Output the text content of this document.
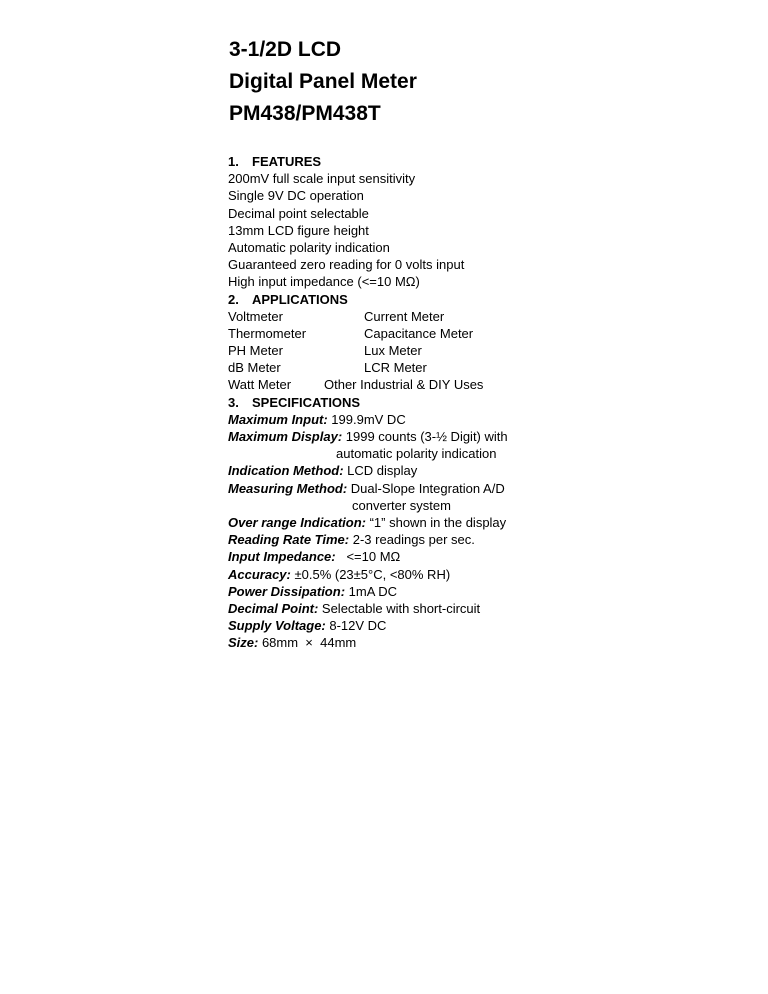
3-1/2D LCD
Digital Panel Meter
PM438/PM438T
1. FEATURES
200mV full scale input sensitivity
Single 9V DC operation
Decimal point selectable
13mm LCD figure height
Automatic polarity indication
Guaranteed zero reading for 0 volts input
High input impedance (<=10 MΩ)
2. APPLICATIONS
Voltmeter	Current Meter
Thermometer	Capacitance Meter
PH Meter	Lux Meter
dB Meter	LCR Meter
Watt Meter	Other Industrial & DIY Uses
3. SPECIFICATIONS
Maximum Input: 199.9mV DC
Maximum Display: 1999 counts (3-½ Digit) with
automatic polarity indication
Indication Method: LCD display
Measuring Method: Dual-Slope Integration A/D
converter system
Over range Indication: “1” shown in the display
Reading Rate Time: 2-3 readings per sec.
Input Impedance:   <=10 MΩ
Accuracy: ±0.5% (23±5°C, <80% RH)
Power Dissipation: 1mA DC
Decimal Point: Selectable with short-circuit
Supply Voltage: 8-12V DC
Size: 68mm  ×  44mm
